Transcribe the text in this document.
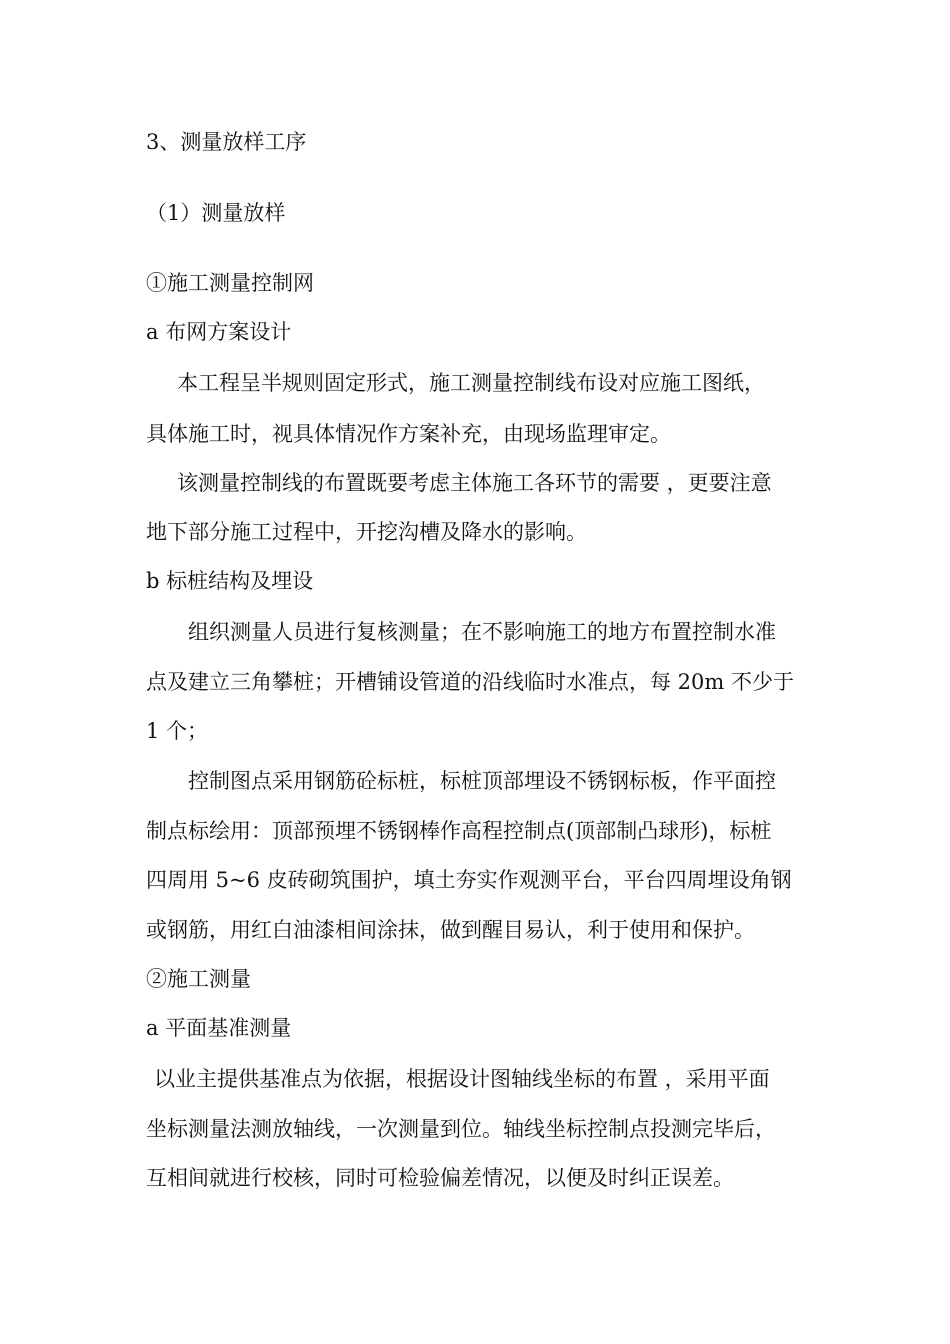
3、测量放样工序
（1）测量放样
①施工测量控制网
a 布网方案设计
本工程呈半规则固定形式，施工测量控制线布设对应施工图纸，
具体施工时，视具体情况作方案补充，由现场监理审定。
该测量控制线的布置既要考虑主体施工各环节的需要 ，更要注意
地下部分施工过程中，开挖沟槽及降水的影响。
b 标桩结构及埋设
组织测量人员进行复核测量；在不影响施工的地方布置控制水准
点及建立三角攀桩；开槽铺设管道的沿线临时水准点，每 20m 不少于
1 个；
控制图点采用钢筋砼标桩，标桩顶部埋设不锈钢标板，作平面控
制点标绘用：顶部预埋不锈钢棒作高程控制点(顶部制凸球形)，标桩
四周用 5~6 皮砖砌筑围护，填土夯实作观测平台，平台四周埋设角钢
或钢筋，用红白油漆相间涂抹，做到醒目易认，利于使用和保护。
②施工测量
a 平面基准测量
以业主提供基准点为依据，根据设计图轴线坐标的布置 ，采用平面
坐标测量法测放轴线，一次测量到位。轴线坐标控制点投测完毕后，
互相间就进行校核，同时可检验偏差情况，以便及时纠正误差。
